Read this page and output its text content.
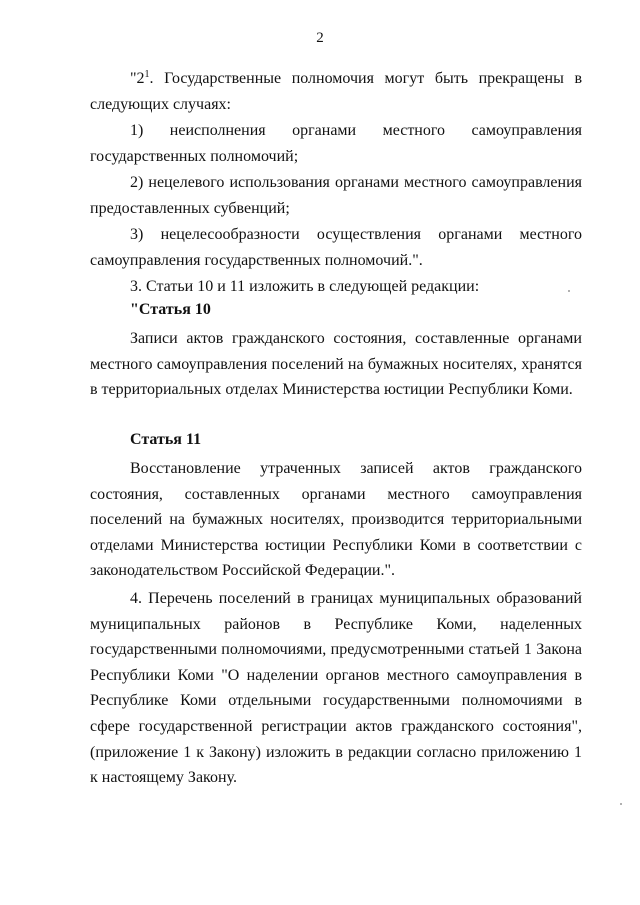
2

"$2^1$. Государственные полномочия могут быть прекращены в следующих случаях:

1) неисполнения органами местного самоуправления государственных полномочий;

2) нецелевого использования органами местного самоуправления предоставленных субвенций;

3) нецелесообразности осуществления органами местного самоуправления государственных полномочий.".

3. Статьи 10 и 11 изложить в следующей редакции:

"Статья 10

Записи актов гражданского состояния, составленные органами местного самоуправления поселений на бумажных носителях, хранятся в территориальных отделах Министерства юстиции Республики Коми.

Статья 11

Восстановление утраченных записей актов гражданского состояния, составленных органами местного самоуправления поселений на бумажных носителях, производится территориальными отделами Министерства юстиции Республики Коми в соответствии с законодательством Российской Федерации.".

4. Перечень поселений в границах муниципальных образований муниципальных районов в Республике Коми, наделенных государственными полномочиями, предусмотренными статьей 1 Закона Республики Коми "О наделении органов местного самоуправления в Республике Коми отдельными государственными полномочиями в сфере государственной регистрации актов гражданского состояния", (приложение 1 к Закону) изложить в редакции согласно приложению 1 к настоящему Закону.
